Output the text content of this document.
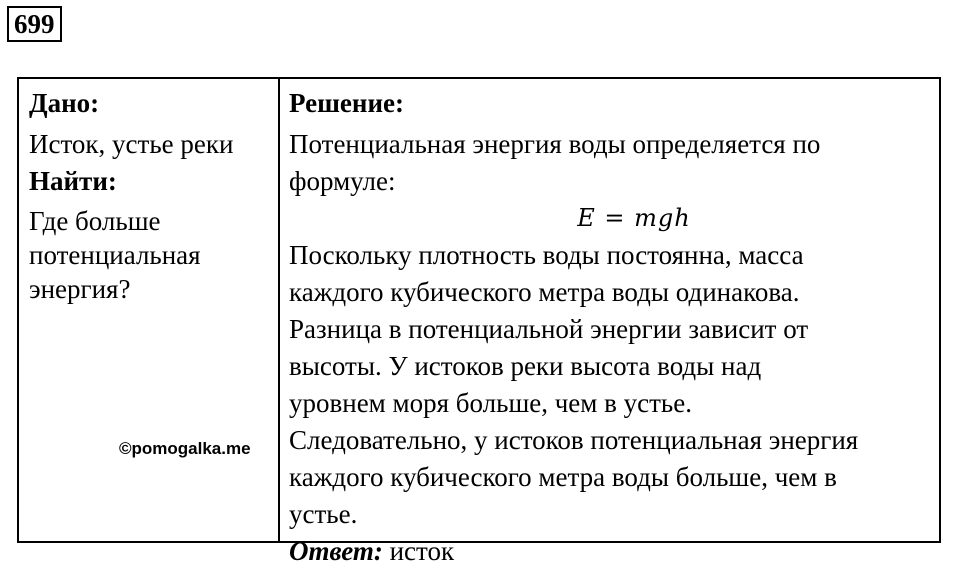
699

Дано:

Исток, устье реки

Найти:

Где больше
потенциальная
энергия?
©pomogalka.me

Решение:

Потенциальная энергия воды определяется по
формуле:
E = mgh
Поскольку плотность воды постоянна, масса
каждого кубического метра воды одинакова.
Разница в потенциальной энергии зависит от
высоты. У истоков реки высота воды над
уровнем моря больше, чем в устье.
Следовательно, у истоков потенциальная энергия
каждого кубического метра воды больше, чем в
устье.
Ответ: исток
